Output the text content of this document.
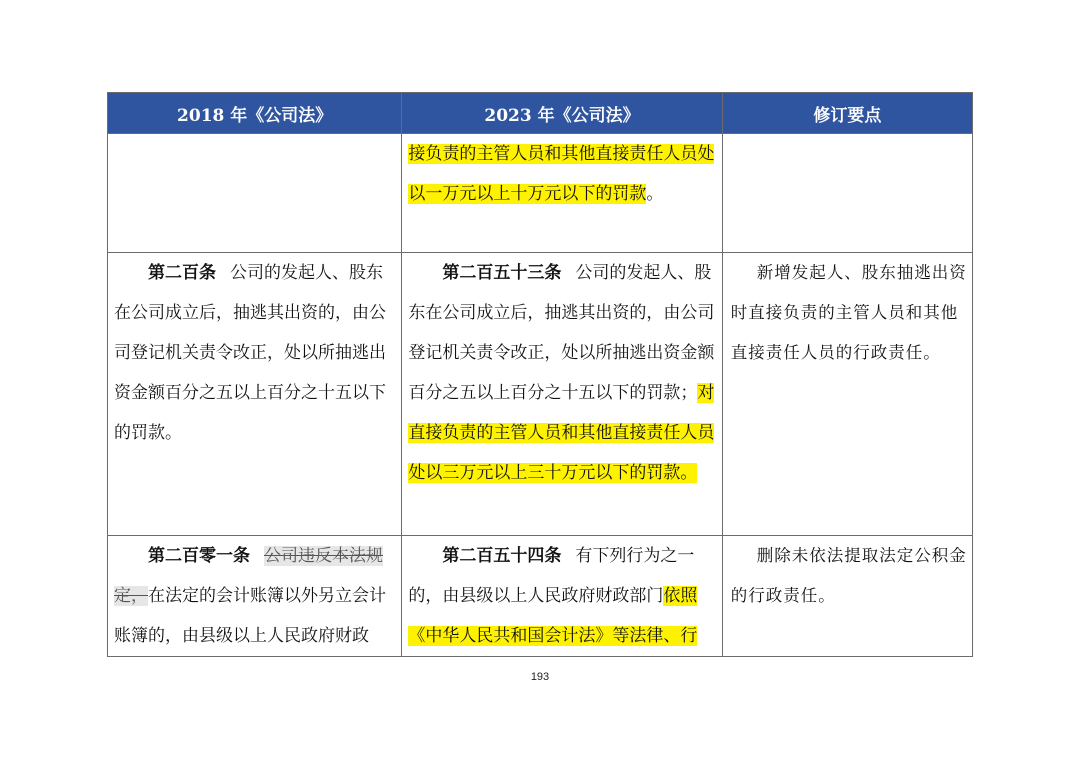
2018 年《公司法》	2023 年《公司法》	修订要点

	接负责的主管人员和其他直接责任人员处以一万元以上十万元以下的罚款。	

第二百条 公司的发起人、股东在公司成立后，抽逃其出资的，由公司登记机关责令改正，处以所抽逃出资金额百分之五以上百分之十五以下的罚款。	第二百五十三条 公司的发起人、股东在公司成立后，抽逃其出资的，由公司登记机关责令改正，处以所抽逃出资金额百分之五以上百分之十五以下的罚款；对直接负责的主管人员和其他直接责任人员处以三万元以上三十万元以下的罚款。	新增发起人、股东抽逃出资时直接负责的主管人员和其他直接责任人员的行政责任。

第二百零一条 公司违反本法规定，在法定的会计账簿以外另立会计账簿的，由县级以上人民政府财政	第二百五十四条 有下列行为之一的，由县级以上人民政府财政部门依照《中华人民共和国会计法》等法律、行	删除未依法提取法定公积金的行政责任。
193
